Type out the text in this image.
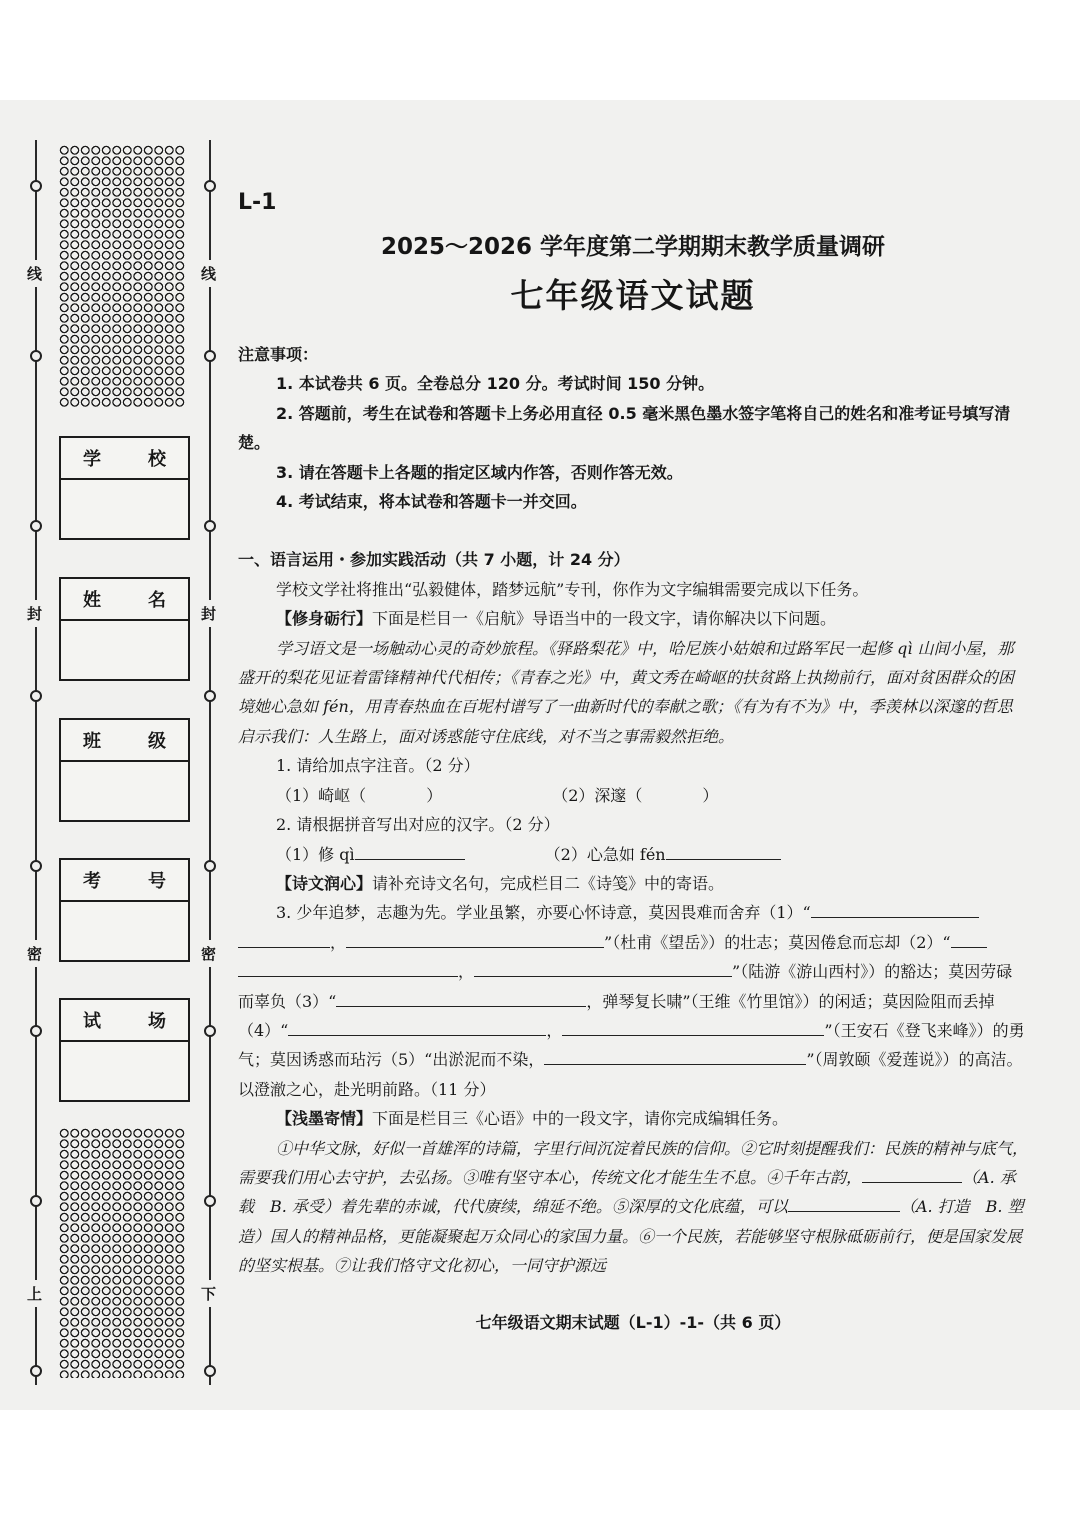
线
封
密
上
线
封
密
下
学	校
姓	名
班	级
考	号
试	场
L-1
2025～2026 学年度第二学期期末教学质量调研
七年级语文试题

注意事项：

1. 本试卷共 6 页。全卷总分 120 分。考试时间 150 分钟。

2. 答题前，考生在试卷和答题卡上务必用直径 0.5 毫米黑色墨水签字笔将自己的姓名和准考证号填写清楚。

3. 请在答题卡上各题的指定区域内作答，否则作答无效。

4. 考试结束，将本试卷和答题卡一并交回。

一、语言运用・参加实践活动（共 7 小题，计 24 分）

学校文学社将推出“弘毅健体，踏梦远航”专刊，你作为文字编辑需要完成以下任务。

【修身砺行】下面是栏目一《启航》导语当中的一段文字，请你解决以下问题。

学习语文是一场触动心灵的奇妙旅程。《驿路梨花》中，哈尼族小姑娘和过路军民一起修 qì 山间小屋，那盛开的梨花见证着雷锋精神代代相传；《青春之光》中，黄文秀在崎岖的扶贫路上执拗前行，面对贫困群众的困境她心急如 fén，用青春热血在百坭村谱写了一曲新时代的奉献之歌；《有为有不为》中，季羡林以深邃的哲思启示我们：人生路上，面对诱惑能守住底线，对不当之事需毅然拒绝。

1. 请给加点字注音。（2 分）

（1）崎岖（	）	（2）深邃（	）

2. 请根据拼音写出对应的汉字。（2 分）

（1）修 qì	（2）心急如 fén

【诗文润心】请补充诗文名句，完成栏目二《诗笺》中的寄语。

3. 少年追梦，志趣为先。学业虽繁，亦要心怀诗意，莫因畏难而舍弃（1）“，	”（杜甫《望岳》）的壮志；莫因倦怠而忘却（2）“，	”（陆游《游山西村》）的豁达；莫因劳碌而辜负（3）“	，弹琴复长啸”（王维《竹里馆》）的闲适；莫因险阻而丢掉（4）“	，	”（王安石《登飞来峰》）的勇气；莫因诱惑而玷污（5）“出淤泥而不染，	”（周敦颐《爱莲说》）的高洁。以澄澈之心，赴光明前路。（11 分）

【浅墨寄情】下面是栏目三《心语》中的一段文字，请你完成编辑任务。

①中华文脉，好似一首雄浑的诗篇，字里行间沉淀着民族的信仰。②它时刻提醒我们：民族的精神与底气，需要我们用心去守护，去弘扬。③唯有坚守本心，传统文化才能生生不息。④千年古韵，	（A. 承载　B. 承受）着先辈的赤诚，代代赓续，绵延不绝。⑤深厚的文化底蕴，可以	（A. 打造　B. 塑造）国人的精神品格，更能凝聚起万众同心的家国力量。⑥一个民族，若能够坚守根脉砥砺前行，便是国家发展的坚实根基。⑦让我们恪守文化初心，一同守护源远

七年级语文期末试题（L-1）-1-（共 6 页）
